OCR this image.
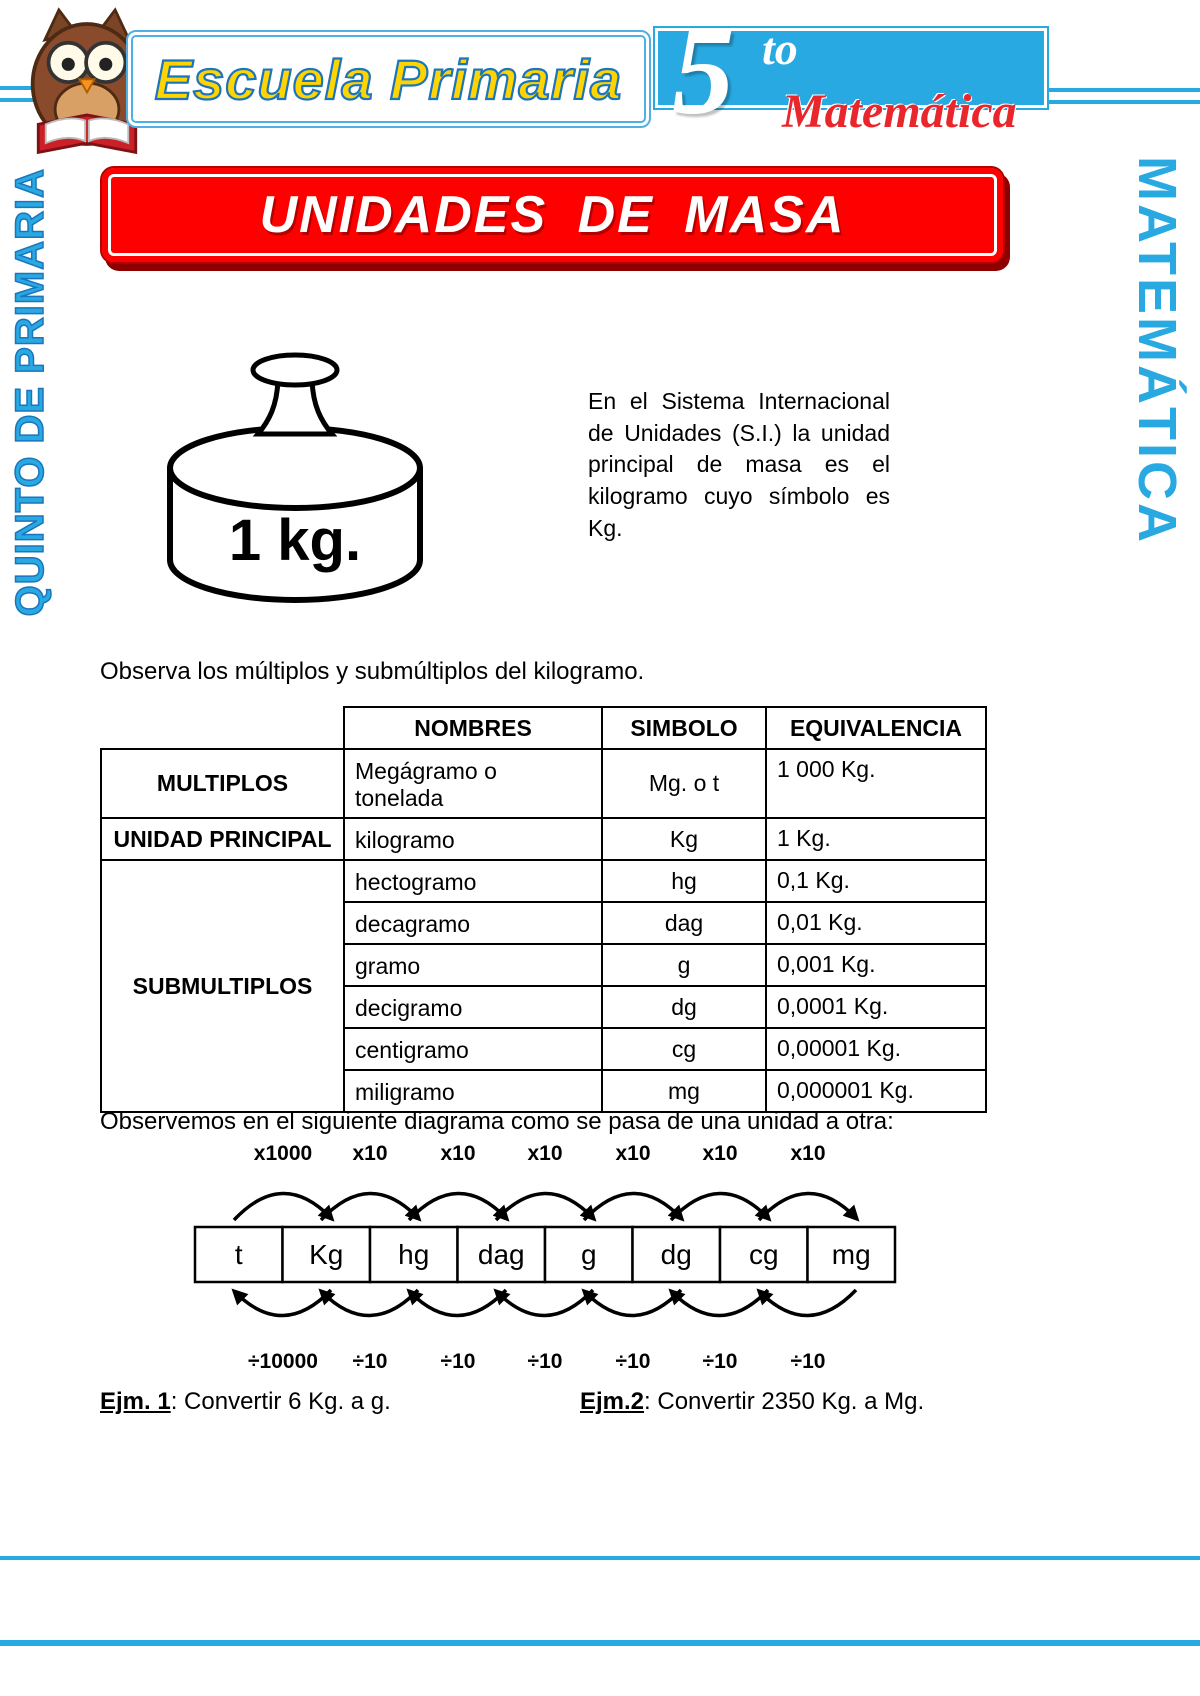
Escuela Primaria 5 to
Matemática
QUINTO DE PRIMARIA	MATEMÁTICA
UNIDADES DE MASA
1 kg.

En el Sistema Internacional de Unidades (S.I.) la unidad principal de masa es el kilogramo cuyo símbolo es Kg.

Observa los múltiplos y submúltiplos del kilogramo.

	NOMBRES	SIMBOLO	EQUIVALENCIA
MULTIPLOS	Megágramo o tonelada	Mg. o t	1 000 Kg.
UNIDAD PRINCIPAL	kilogramo	Kg	1 Kg.
SUBMULTIPLOS	hectogramo	hg	0,1 Kg.
	decagramo	dag	0,01 Kg.
	gramo	g	0,001 Kg.
	decigramo	dg	0,0001 Kg.
	centigramo	cg	0,00001 Kg.
	miligramo	mg	0,000001 Kg.

Observemos en el siguiente diagrama como se pasa de una unidad a otra:

t Kg hg dag g dg cg mg
x1000 x10	x10 x10	x10 x10	x10
÷10000 ÷10	÷10 ÷10	÷10 ÷10	÷10
Ejm. 1: Convertir 6 Kg. a g.	Ejm.2: Convertir 2350 Kg. a Mg.
